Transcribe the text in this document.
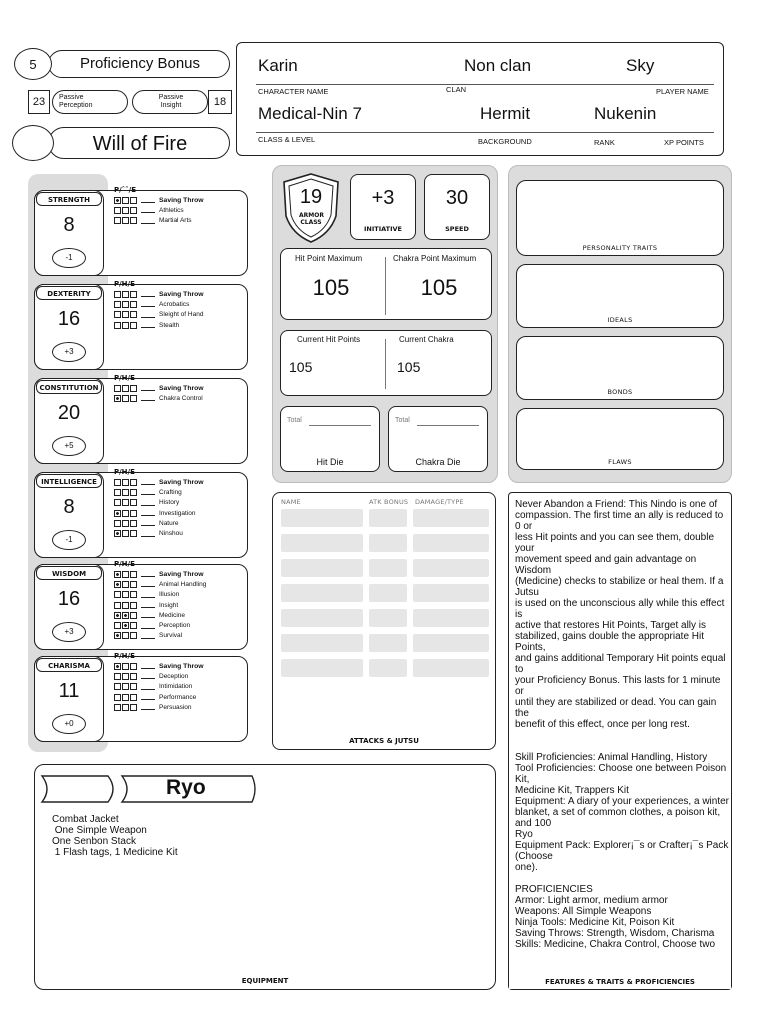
Proficiency Bonus
5
23	Passive Perception
Passive Insight	18
Will of Fire
Karin	Non clan	Sky
CHARACTER NAME	CLAN	PLAYER NAME
Medical-Nin 7	Hermit	Nukenin
CLASS & LEVEL	BACKGROUND	RANK	XP POINTS
STRENGTH
8
-1
P/ˆˆ/E
Saving Throw
Athletics
Martial Arts
DEXTERITY
16
+3
P/H/E
Saving Throw
Acrobatics
Sleight of Hand
Stealth
CONSTITUTION
20
+5
P/H/E
Saving Throw
Chakra Control
INTELLIGENCE
8
-1
P/H/E
Saving Throw
Crafting
History
Investigation
Nature
Ninshou
WISDOM
16
+3
P/H/E
Saving Throw
Animal Handling
Illusion
Insight
Medicine
Perception
Survival
CHARISMA
11
+0
P/H/E
Saving Throw
Deception
Intimidation
Performance
Persuasion
19
ARMOR CLASS
+3
INITIATIVE
30
SPEED
Hit Point Maximum	Chakra Point Maximum
105	105
Current Hit Points	Current Chakra
105	105
Total
Hit Die
Total
Chakra Die
PERSONALITY TRAITS
IDEALS
BONDS
FLAWS
NAME	ATK BONUS DAMAGE/TYPE
ATTACKS & JUTSU
Never Abandon a Friend: This Nindo is one of compassion. The first time an ally is reduced to 0 or
less Hit points and you can see them, double your
movement speed and gain advantage on Wisdom
(Medicine) checks to stabilize or heal them. If a Jutsu
is used on the unconscious ally while this effect is
active that restores Hit Points, Target ally is
stabilized, gains double the appropriate Hit Points,
and gains additional Temporary Hit points equal to
your Proficiency Bonus. This lasts for 1 minute or
until they are stabilized or dead. You can gain the
benefit of this effect, once per long rest.

Skill Proficiencies: Animal Handling, History
Tool Proficiencies: Choose one between Poison Kit,
Medicine Kit, Trappers Kit
Equipment: A diary of your experiences, a winter
blanket, a set of common clothes, a poison kit, and 100
Ryo
Equipment Pack: Explorer¡¯s or Crafter¡¯s Pack (Choose
one).

PROFICIENCIES
Armor: Light armor, medium armor
Weapons: All Simple Weapons
Ninja Tools: Medicine Kit, Poison Kit
Saving Throws: Strength, Wisdom, Charisma
Skills: Medicine, Chakra Control, Choose two
FEATURES & TRAITS & PROFICIENCIES
EQUIPMENT
Ryo
Combat Jacket
One Simple Weapon
One Senbon Stack
1 Flash tags, 1 Medicine Kit
